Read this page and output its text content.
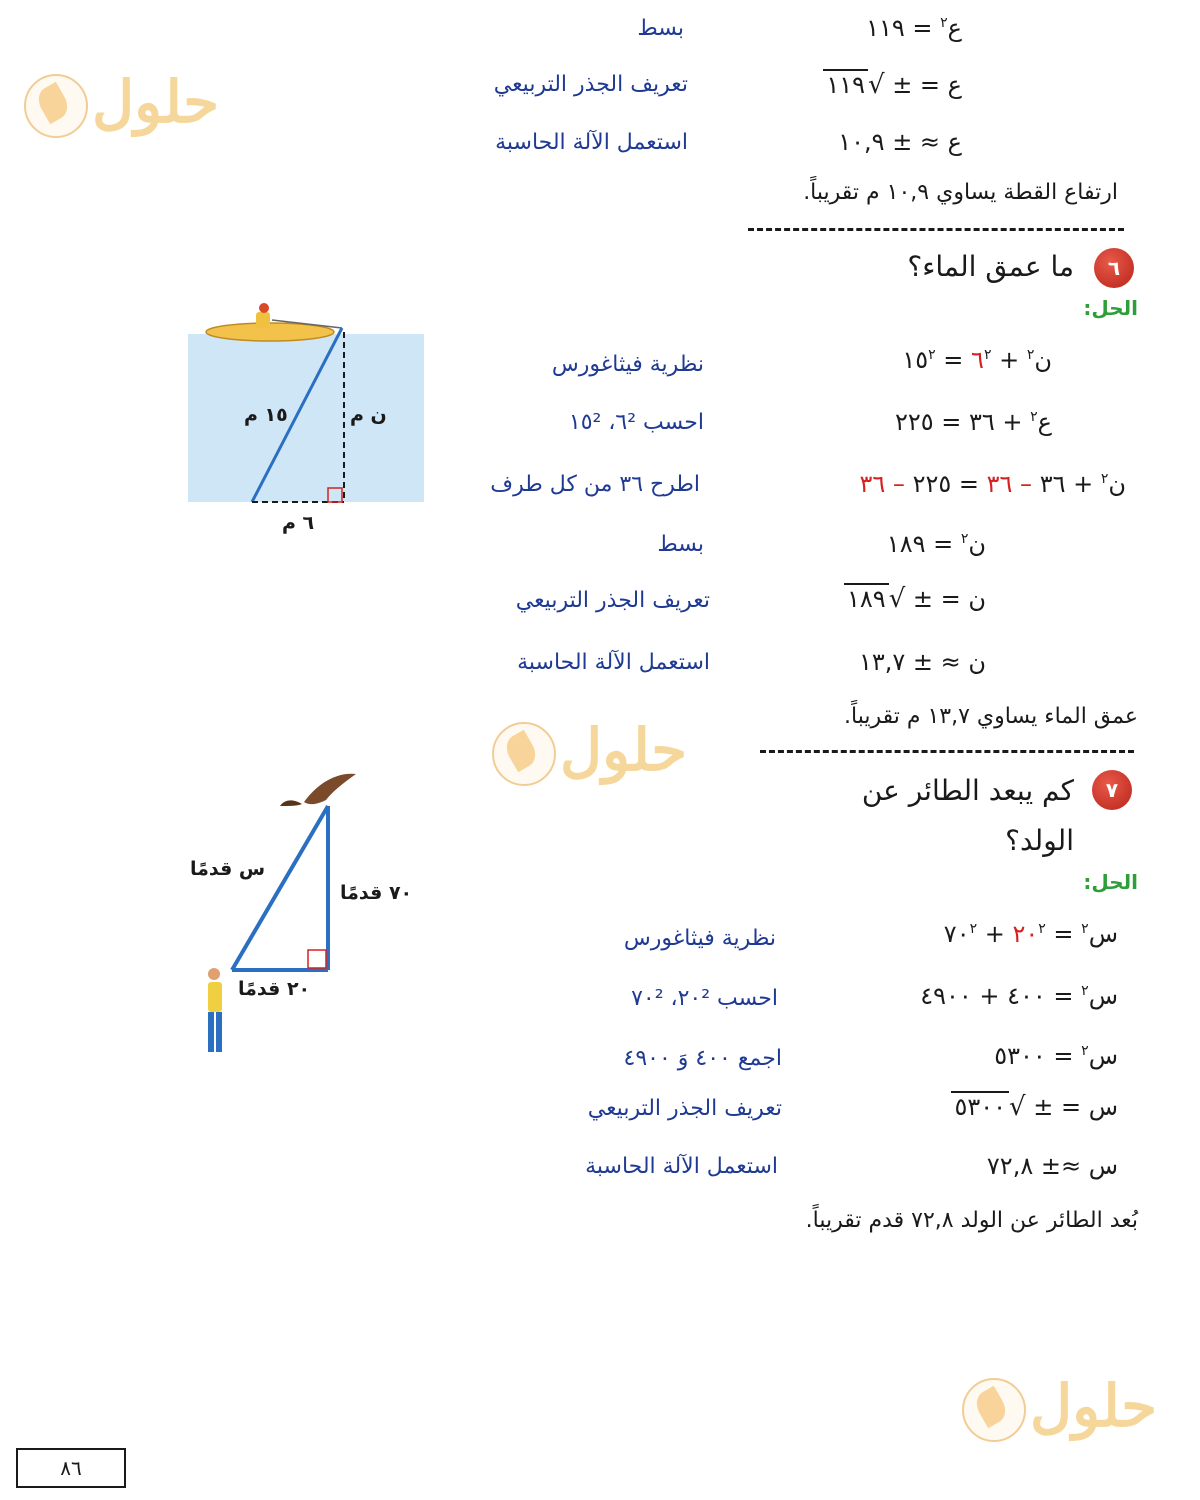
حلول
حلول
حلول
ع$^٢$ = ١١٩
بسط
ع = ± √١١٩
تعريف الجذر التربيعي
ع ≈ ± ١٠,٩
استعمل الآلة الحاسبة
ارتفاع القطة يساوي ١٠,٩ م تقريباً.
٦
ما عمق الماء؟
الحل:
١٥ م	ن م
٦ م
ن$^٢$ + $٦^٢$ = $١٥^٢$
نظرية فيثاغورس
ع$^٢$ + ٣٦ = ٢٢٥
احسب ٦²، ١٥²
ن$^٢$ + ٣٦ – ٣٦ = ٢٢٥ – ٣٦
اطرح ٣٦ من كل طرف
ن$^٢$ = ١٨٩
بسط
ن = ± √١٨٩
تعريف الجذر التربيعي
ن ≈ ± ١٣,٧
استعمل الآلة الحاسبة
عمق الماء يساوي ١٣,٧ م تقريباً.
٧
كم يبعد الطائر عن
الولد؟
الحل:
س قدمًا
٧٠ قدمًا
٢٠ قدمًا
س$^٢$ = $٢٠^٢$ + $٧٠^٢$
نظرية فيثاغورس
س$^٢$ = ٤٠٠ + ٤٩٠٠
احسب ٢٠²، ٧٠²
س$^٢$ = ٥٣٠٠
اجمع ٤٠٠ وَ ٤٩٠٠
س = ± √٥٣٠٠
تعريف الجذر التربيعي
س ≈± ٧٢,٨
استعمل الآلة الحاسبة
بُعد الطائر عن الولد ٧٢,٨ قدم تقريباً.
٨٦
